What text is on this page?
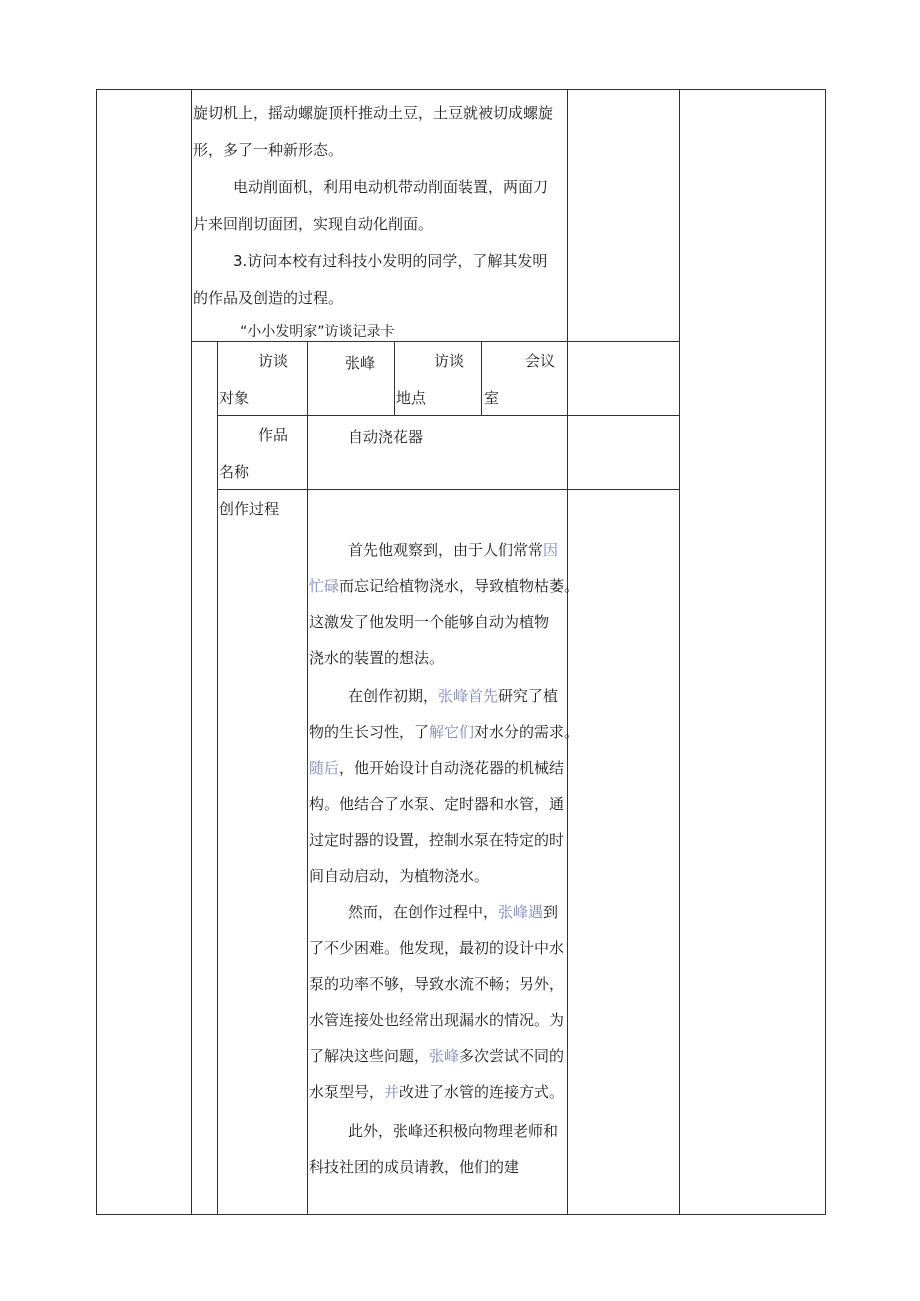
旋切机上，摇动螺旋顶杆推动土豆，土豆就被切成螺旋
形，多了一种新形态。
电动削面机，利用电动机带动削面装置，两面刀
片来回削切面团，实现自动化削面。
3.访问本校有过科技小发明的同学，了解其发明
的作品及创造的过程。
“小小发明家”访谈记录卡
访谈
对象
张峰	访谈
地点
会议
室
作品
名称
自动浇花器
创作过程
首先他观察到，由于人们常常因
忙碌而忘记给植物浇水，导致植物枯萎。
这激发了他发明一个能够自动为植物
浇水的装置的想法。
在创作初期，张峰首先研究了植
物的生长习性，了解它们对水分的需求。
随后，他开始设计自动浇花器的机械结
构。他结合了水泵、定时器和水管，通
过定时器的设置，控制水泵在特定的时
间自动启动，为植物浇水。
然而，在创作过程中，张峰遇到
了不少困难。他发现，最初的设计中水
泵的功率不够，导致水流不畅；另外，
水管连接处也经常出现漏水的情况。为
了解决这些问题，张峰多次尝试不同的
水泵型号，并改进了水管的连接方式。
此外，张峰还积极向物理老师和
科技社团的成员请教，他们的建
